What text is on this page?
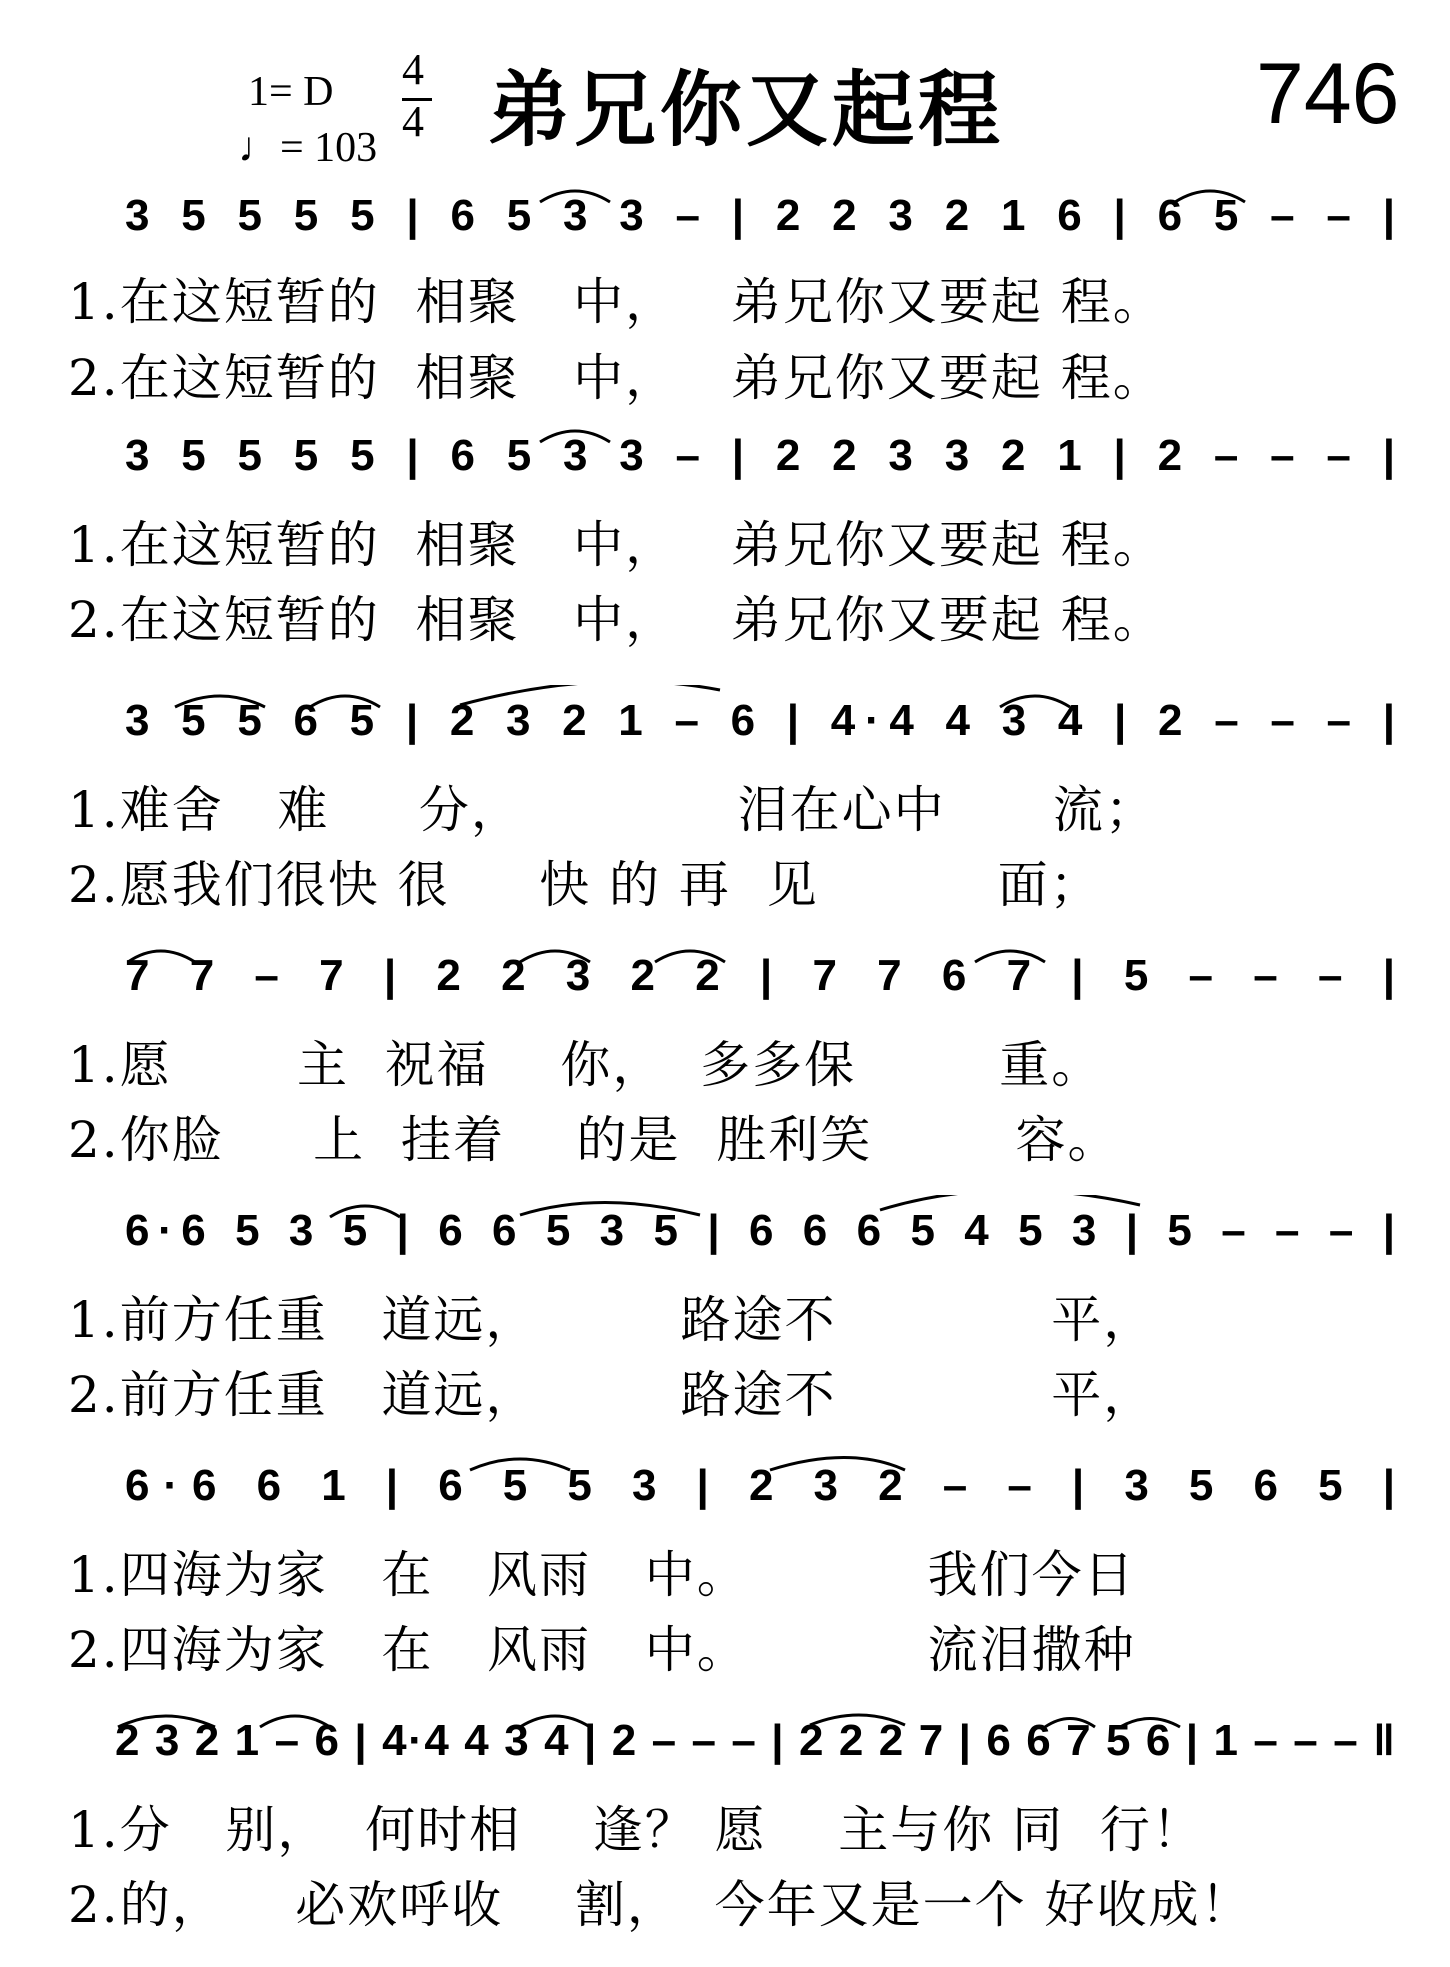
1= D
♩= 103
4
4 弟兄你又起程	746
3 5 5 5 5 | 6 5 3 3 – | 2 2 3 2 1 6 | 6 5 – – |
1.在这短暂的  相聚   中，   弟兄你又要起 程。
2.在这短暂的  相聚   中，   弟兄你又要起 程。
3 5 5 5 5 | 6 5 3 3 – | 2 2 3 3 2 1 | 2 – – – |
1.在这短暂的  相聚   中，   弟兄你又要起 程。
2.在这短暂的  相聚   中，   弟兄你又要起 程。
3 5 5 6 5 | 2 3 2 1 – 6 | 4·4 4 3 4 | 2 – – – |
1.难舍   难     分，            泪在心中      流；
2.愿我们很快 很     快 的 再  见          面；
7 7 – 7 | 2 2 3 2 2 | 7 7 6 7 | 5 – – – |
1.愿       主  祝福    你，  多多保        重。
2.你脸     上  挂着    的是  胜利笑        容。
6·6 5 3 5 | 6 6 5 3 5 | 6 6 6 5 4 5 3 | 5 – – – |
1.前方任重   道远，        路途不            平，
2.前方任重   道远，        路途不            平，
6·6 6 1 | 6 5 5 3 | 2 3 2 – – | 3 5 6 5 |
1.四海为家   在   风雨   中。          我们今日
2.四海为家   在   风雨   中。          流泪撒种
2 3 2 1 – 6 | 4·4 4 3 4 | 2 – – – | 2 2 2 7 | 6 6 7 5 6 | 1 – – – ‖
1.分   别，  何时相    逢？ 愿    主与你 同  行！
2.的，    必欢呼收    割，  今年又是一个 好收成！
